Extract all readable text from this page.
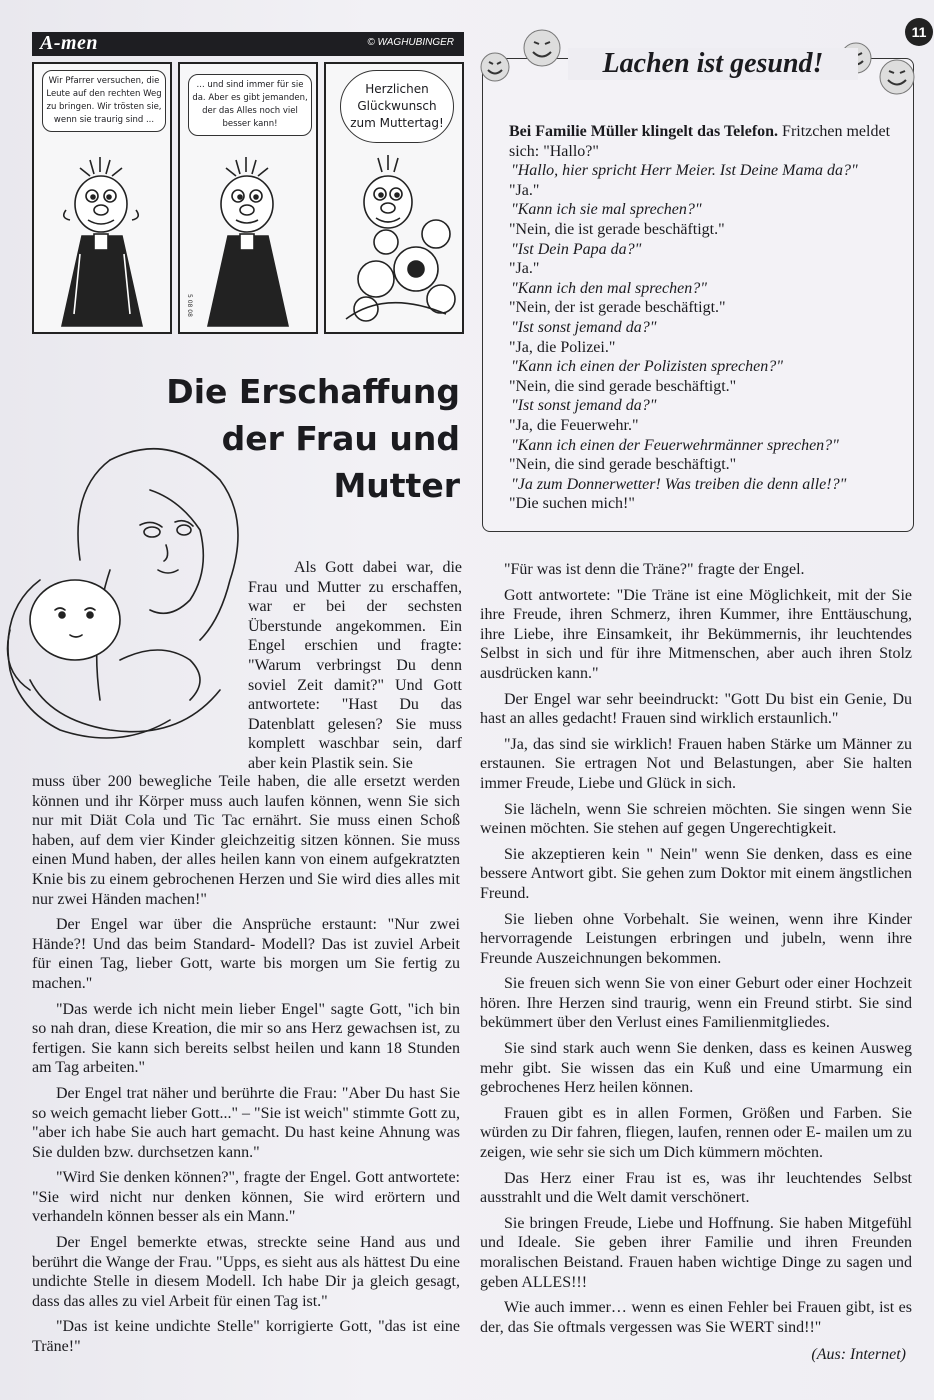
11
A-men	© WAGHUBINGER
Wir Pfarrer versuchen, die Leute auf den rechten Weg zu bringen. Wir trösten sie, wenn sie traurig sind ...
... und sind immer für sie da. Aber es gibt jemanden, der das Alles noch viel besser kann!
5 08 08
Herzlichen Glückwunsch zum Muttertag!
Lachen ist gesund!

Bei Familie Müller klingelt das Telefon. Fritzchen meldet sich: "Hallo?"

"Hallo, hier spricht Herr Meier. Ist Deine Mama da?"

"Ja."

"Kann ich sie mal sprechen?"

"Nein, die ist gerade beschäftigt."

"Ist Dein Papa da?"

"Ja."

"Kann ich den mal sprechen?"

"Nein, der ist gerade beschäftigt."

"Ist sonst jemand da?"

"Ja, die Polizei."

"Kann ich einen der Polizisten sprechen?"

"Nein, die sind gerade beschäftigt."

"Ist sonst jemand da?"

"Ja, die Feuerwehr."

"Kann ich einen der Feuerwehrmänner sprechen?"

"Nein, die sind gerade beschäftigt."

"Ja zum Donnerwetter! Was treiben die denn alle!?"

"Die suchen mich!"

Die Erschaffung der Frau und Mutter

Als Gott dabei war, die Frau und Mutter zu erschaffen, war er bei der sechsten Überstunde angekommen. Ein Engel erschien und fragte: "Warum verbringst Du denn soviel Zeit damit?" Und Gott antwortete: "Hast Du das Datenblatt gelesen? Sie muss komplett waschbar sein, darf aber kein Plastik sein. Sie

muss über 200 bewegliche Teile haben, die alle ersetzt werden können und ihr Körper muss auch laufen können, wenn Sie sich nur mit Diät Cola und Tic Tac ernährt. Sie muss einen Schoß haben, auf dem vier Kinder gleichzeitig sitzen können. Sie muss einen Mund haben, der alles heilen kann von einem aufgekratzten Knie bis zu einem gebrochenen Herzen und Sie wird dies alles mit nur zwei Händen machen!"

Der Engel war über die Ansprüche erstaunt: "Nur zwei Hände?! Und das beim Standard- Modell? Das ist zuviel Arbeit für einen Tag, lieber Gott, warte bis morgen um Sie fertig zu machen."

"Das werde ich nicht mein lieber Engel" sagte Gott, "ich bin so nah dran, diese Kreation, die mir so ans Herz gewachsen ist, zu fertigen. Sie kann sich bereits selbst heilen und kann 18 Stunden am Tag arbeiten."

Der Engel trat näher und berührte die Frau: "Aber Du hast Sie so weich gemacht lieber Gott..." – "Sie ist weich" stimmte Gott zu, "aber ich habe Sie auch hart gemacht. Du hast keine Ahnung was Sie dulden bzw. durchsetzen kann."

"Wird Sie denken können?", fragte der Engel. Gott antwortete: "Sie wird nicht nur denken können, Sie wird erörtern und verhandeln können besser als ein Mann."

Der Engel bemerkte etwas, streckte seine Hand aus und berührt die Wange der Frau. "Upps, es sieht aus als hättest Du eine undichte Stelle in diesem Modell. Ich habe Dir ja gleich gesagt, dass das alles zu viel Arbeit für einen Tag ist."

"Das ist keine undichte Stelle" korrigierte Gott, "das ist eine Träne!"

"Für was ist denn die Träne?" fragte der Engel.

Gott antwortete: "Die Träne ist eine Möglichkeit, mit der Sie ihre Freude, ihren Schmerz, ihren Kummer, ihre Enttäuschung, ihre Liebe, ihre Einsamkeit, ihr Bekümmernis, ihr leuchtendes Selbst in sich und für ihre Mitmenschen, aber auch ihren Stolz ausdrücken kann."

Der Engel war sehr beeindruckt: "Gott Du bist ein Genie, Du hast an alles gedacht! Frauen sind wirklich erstaunlich."

"Ja, das sind sie wirklich! Frauen haben Stärke um Männer zu erstaunen. Sie ertragen Not und Belastungen, aber Sie halten immer Freude, Liebe und Glück in sich.

Sie lächeln, wenn Sie schreien möchten. Sie singen wenn Sie weinen möchten. Sie stehen auf gegen Ungerechtigkeit.

Sie akzeptieren kein " Nein" wenn Sie denken, dass es eine bessere Antwort gibt. Sie gehen zum Doktor mit einem ängstlichen Freund.

Sie lieben ohne Vorbehalt. Sie weinen, wenn ihre Kinder hervorragende Leistungen erbringen und jubeln, wenn ihre Freunde Auszeichnungen bekommen.

Sie freuen sich wenn Sie von einer Geburt oder einer Hochzeit hören. Ihre Herzen sind traurig, wenn ein Freund stirbt. Sie sind bekümmert über den Verlust eines Familienmitgliedes.

Sie sind stark auch wenn Sie denken, dass es keinen Ausweg mehr gibt. Sie wissen das ein Kuß und eine Umarmung ein gebrochenes Herz heilen können.

Frauen gibt es in allen Formen, Größen und Farben. Sie würden zu Dir fahren, fliegen, laufen, rennen oder E- mailen um zu zeigen, wie sehr sie sich um Dich kümmern möchten.

Das Herz einer Frau ist es, was ihr leuchtendes Selbst ausstrahlt und die Welt damit verschönert.

Sie bringen Freude, Liebe und Hoffnung. Sie haben Mitgefühl und Ideale. Sie geben ihrer Familie und ihren Freunden moralischen Beistand. Frauen haben wichtige Dinge zu sagen und geben ALLES!!!

Wie auch immer… wenn es einen Fehler bei Frauen gibt, ist es der, das Sie oftmals vergessen was Sie WERT sind!!"

(Aus: Internet)
